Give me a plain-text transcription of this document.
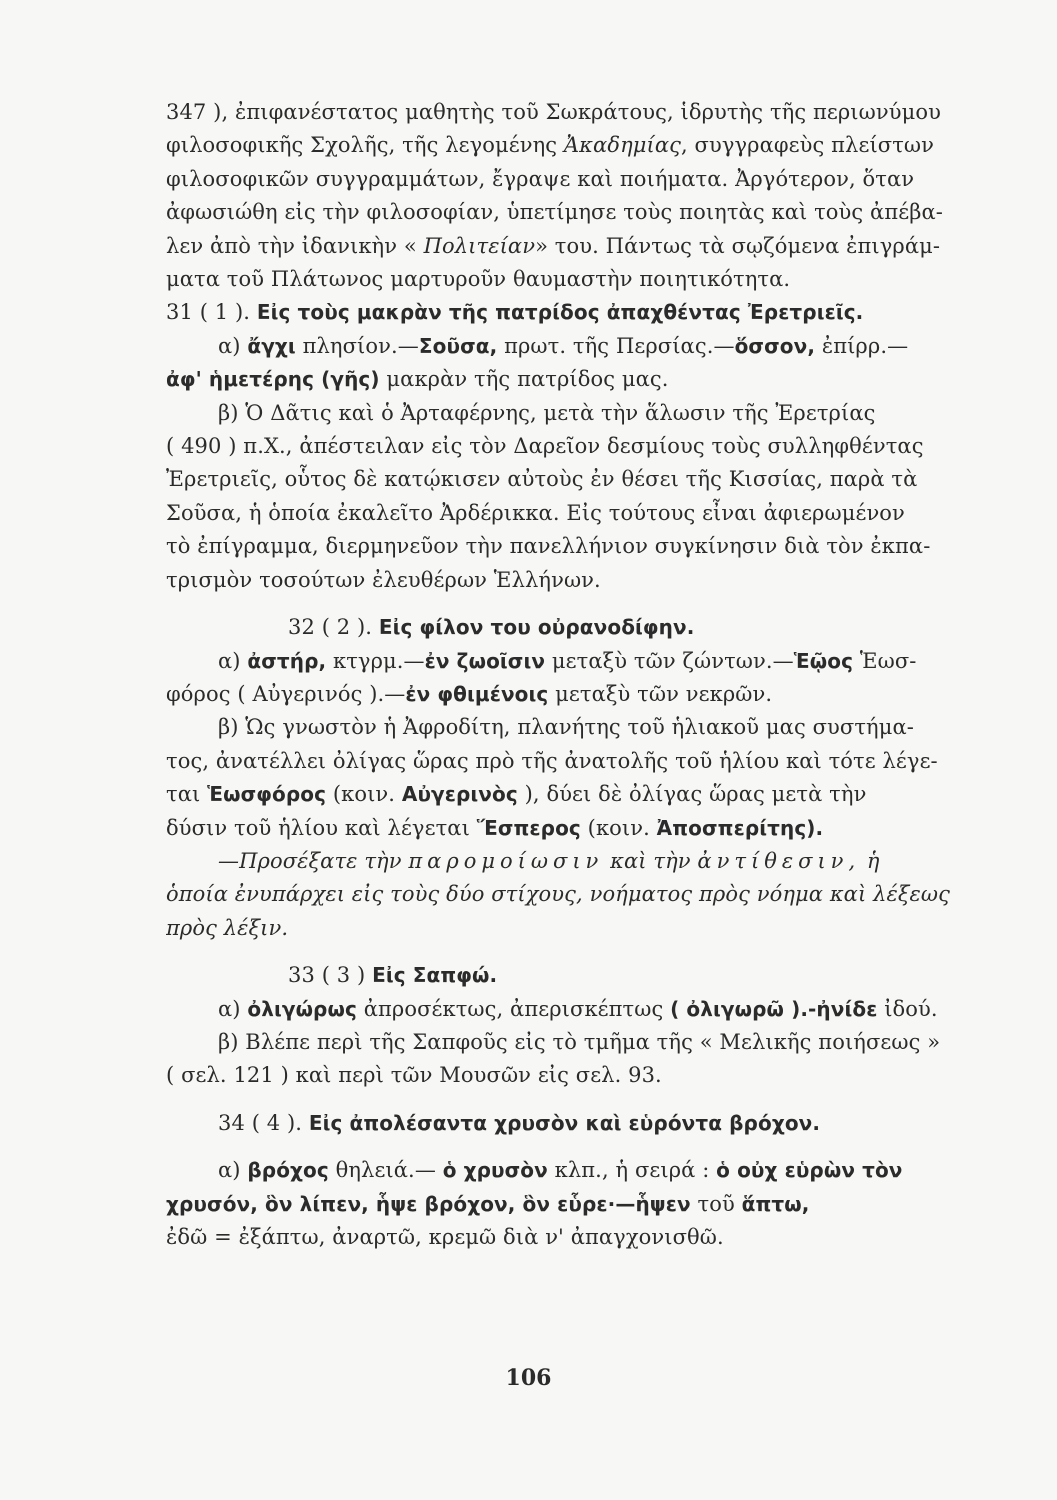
347 ), ἐπιφανέστατος μαθητὴς τοῦ Σωκράτους, ἱδρυτὴς τῆς περιωνύμου
φιλοσοφικῆς Σχολῆς, τῆς λεγομένης Ἀκαδημίας, συγγραφεὺς πλείστων
φιλοσοφικῶν συγγραμμάτων, ἔγραψε καὶ ποιήματα. Ἀργότερον, ὅταν
ἀφωσιώθη εἰς τὴν φιλοσοφίαν, ὑπετίμησε τοὺς ποιητὰς καὶ τοὺς ἀπέβα-
λεν ἀπὸ τὴν ἰδανικὴν « Πολιτείαν» του. Πάντως τὰ σῳζόμενα ἐπιγράμ-
ματα τοῦ Πλάτωνος μαρτυροῦν θαυμαστὴν ποιητικότητα.
31 ( 1 ). Εἰς τοὺς μακρὰν τῆς πατρίδος ἀπαχθέντας Ἐρετριεῖς.
α) ἄγχι πλησίον.—Σοῦσα, πρωτ. τῆς Περσίας.—ὅσσον, ἐπίρρ.—
ἀφ' ἡμετέρης (γῆς) μακρὰν τῆς πατρίδος μας.
β) Ὁ Δᾶτις καὶ ὁ Ἀρταφέρνης, μετὰ τὴν ἅλωσιν τῆς Ἐρετρίας
( 490 ) π.Χ., ἀπέστειλαν εἰς τὸν Δαρεῖον δεσμίους τοὺς συλληφθέντας
Ἐρετριεῖς, οὗτος δὲ κατῴκισεν αὐτοὺς ἐν θέσει τῆς Κισσίας, παρὰ τὰ
Σοῦσα, ἡ ὁποία ἐκαλεῖτο Ἀρδέρικκα. Εἰς τούτους εἶναι ἀφιερωμένον
τὸ ἐπίγραμμα, διερμηνεῦον τὴν πανελλήνιον συγκίνησιν διὰ τὸν ἐκπα-
τρισμὸν τοσούτων ἐλευθέρων Ἑλλήνων.
32 ( 2 ). Εἰς φίλον του οὐρανοδίφην.
α) ἀστήρ, κτγρμ.—ἐν ζωοῖσιν μεταξὺ τῶν ζώντων.—Ἑῷος Ἑωσ-
φόρος ( Αὐγερινός ).—ἐν φθιμένοις μεταξὺ τῶν νεκρῶν.
β) Ὡς γνωστὸν ἡ Ἀφροδίτη, πλανήτης τοῦ ἡλιακοῦ μας συστήμα-
τος, ἀνατέλλει ὀλίγας ὥρας πρὸ τῆς ἀνατολῆς τοῦ ἡλίου καὶ τότε λέγε-
ται Ἑωσφόρος (κοιν. Αὐγερινὸς ), δύει δὲ ὀλίγας ὥρας μετὰ τὴν
δύσιν τοῦ ἡλίου καὶ λέγεται Ἕσπερος (κοιν. Ἀποσπερίτης).
—Προσέξατε τὴν παρομοίωσιν καὶ τὴν ἀντίθεσιν, ἡ
ὁποία ἐνυπάρχει εἰς τοὺς δύο στίχους, νοήματος πρὸς νόημα καὶ λέξεως
πρὸς λέξιν.
33 ( 3 ) Εἰς Σαπφώ.
α) ὀλιγώρως ἀπροσέκτως, ἀπερισκέπτως ( ὀλιγωρῶ ).-ἠνίδε ἰδού.
β) Βλέπε περὶ τῆς Σαπφοῦς εἰς τὸ τμῆμα τῆς « Μελικῆς ποιήσεως »
( σελ. 121 ) καὶ περὶ τῶν Μουσῶν εἰς σελ. 93.
34 ( 4 ). Εἰς ἀπολέσαντα χρυσὸν καὶ εὑρόντα βρόχον.
α) βρόχος θηλειά.— ὁ χρυσὸν κλπ., ἡ σειρά : ὁ οὐχ εὑρὼν τὸν
χρυσόν, ὃν λίπεν, ἧψε βρόχον, ὃν εὗρε·—ἧψεν τοῦ ἅπτω,
ἐδῶ = ἐξάπτω, ἀναρτῶ, κρεμῶ διὰ ν' ἀπαγχονισθῶ.
106
